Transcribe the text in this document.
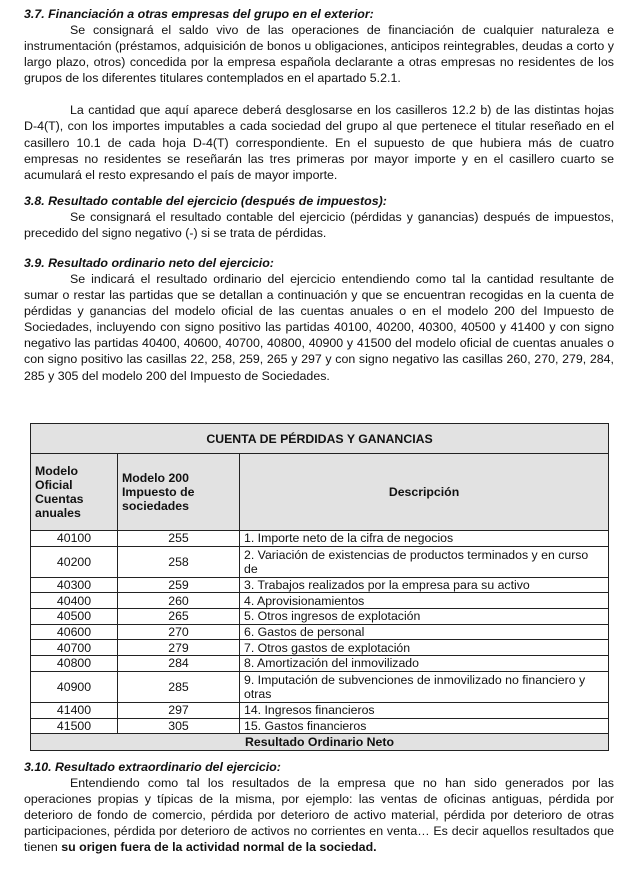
3.7. Financiación a otras empresas del grupo en el exterior:

Se consignará el saldo vivo de las operaciones de financiación de cualquier naturaleza e instrumentación (préstamos, adquisición de bonos u obligaciones, anticipos reintegrables, deudas a corto y largo plazo, otros) concedida por la empresa española declarante a otras empresas no residentes de los grupos de los diferentes titulares contemplados en el apartado 5.2.1.

La cantidad que aquí aparece deberá desglosarse en los casilleros 12.2 b) de las distintas hojas D-4(T), con los importes imputables a cada sociedad del grupo al que pertenece el titular reseñado en el casillero 10.1 de cada hoja D-4(T) correspondiente. En el supuesto de que hubiera más de cuatro empresas no residentes se reseñarán las tres primeras por mayor importe y en el casillero cuarto se acumulará el resto expresando el país de mayor importe.

3.8. Resultado contable del ejercicio (después de impuestos):

Se consignará el resultado contable del ejercicio (pérdidas y ganancias) después de impuestos, precedido del signo negativo (-) si se trata de pérdidas.

3.9. Resultado ordinario neto del ejercicio:

Se indicará el resultado ordinario del ejercicio entendiendo como tal la cantidad resultante de sumar o restar las partidas que se detallan a continuación y que se encuentran recogidas en la cuenta de pérdidas y ganancias del modelo oficial de las cuentas anuales o en el modelo 200 del Impuesto de Sociedades, incluyendo con signo positivo las partidas 40100, 40200, 40300, 40500 y 41400 y con signo negativo las partidas 40400, 40600, 40700, 40800, 40900 y 41500 del modelo oficial de cuentas anuales o con signo positivo las casillas 22, 258, 259, 265 y 297 y con signo negativo las casillas 260, 270, 279, 284, 285 y 305 del modelo 200 del Impuesto de Sociedades.

CUENTA DE PÉRDIDAS Y GANANCIAS		
Modelo Oficial Cuentas anuales	Modelo 200 Impuesto de sociedades	Descripción
40100	255	1. Importe neto de la cifra de negocios
40200	258	2. Variación de existencias de productos terminados y en curso de
40300	259	3. Trabajos realizados por la empresa para su activo
40400	260	4. Aprovisionamientos
40500	265	5. Otros ingresos de explotación
40600	270	6. Gastos de personal
40700	279	7. Otros gastos de explotación
40800	284	8. Amortización del inmovilizado
40900	285	9. Imputación de subvenciones de inmovilizado no financiero y otras
41400	297	14. Ingresos financieros
41500	305	15. Gastos financieros
Resultado Ordinario Neto		
3.10. Resultado extraordinario del ejercicio:

Entendiendo como tal los resultados de la empresa que no han sido generados por las operaciones propias y típicas de la misma, por ejemplo: las ventas de oficinas antiguas, pérdida por deterioro de fondo de comercio, pérdida por deterioro de activo material, pérdida por deterioro de otras participaciones, pérdida por deterioro de activos no corrientes en venta… Es decir aquellos resultados que tienen su origen fuera de la actividad normal de la sociedad.
